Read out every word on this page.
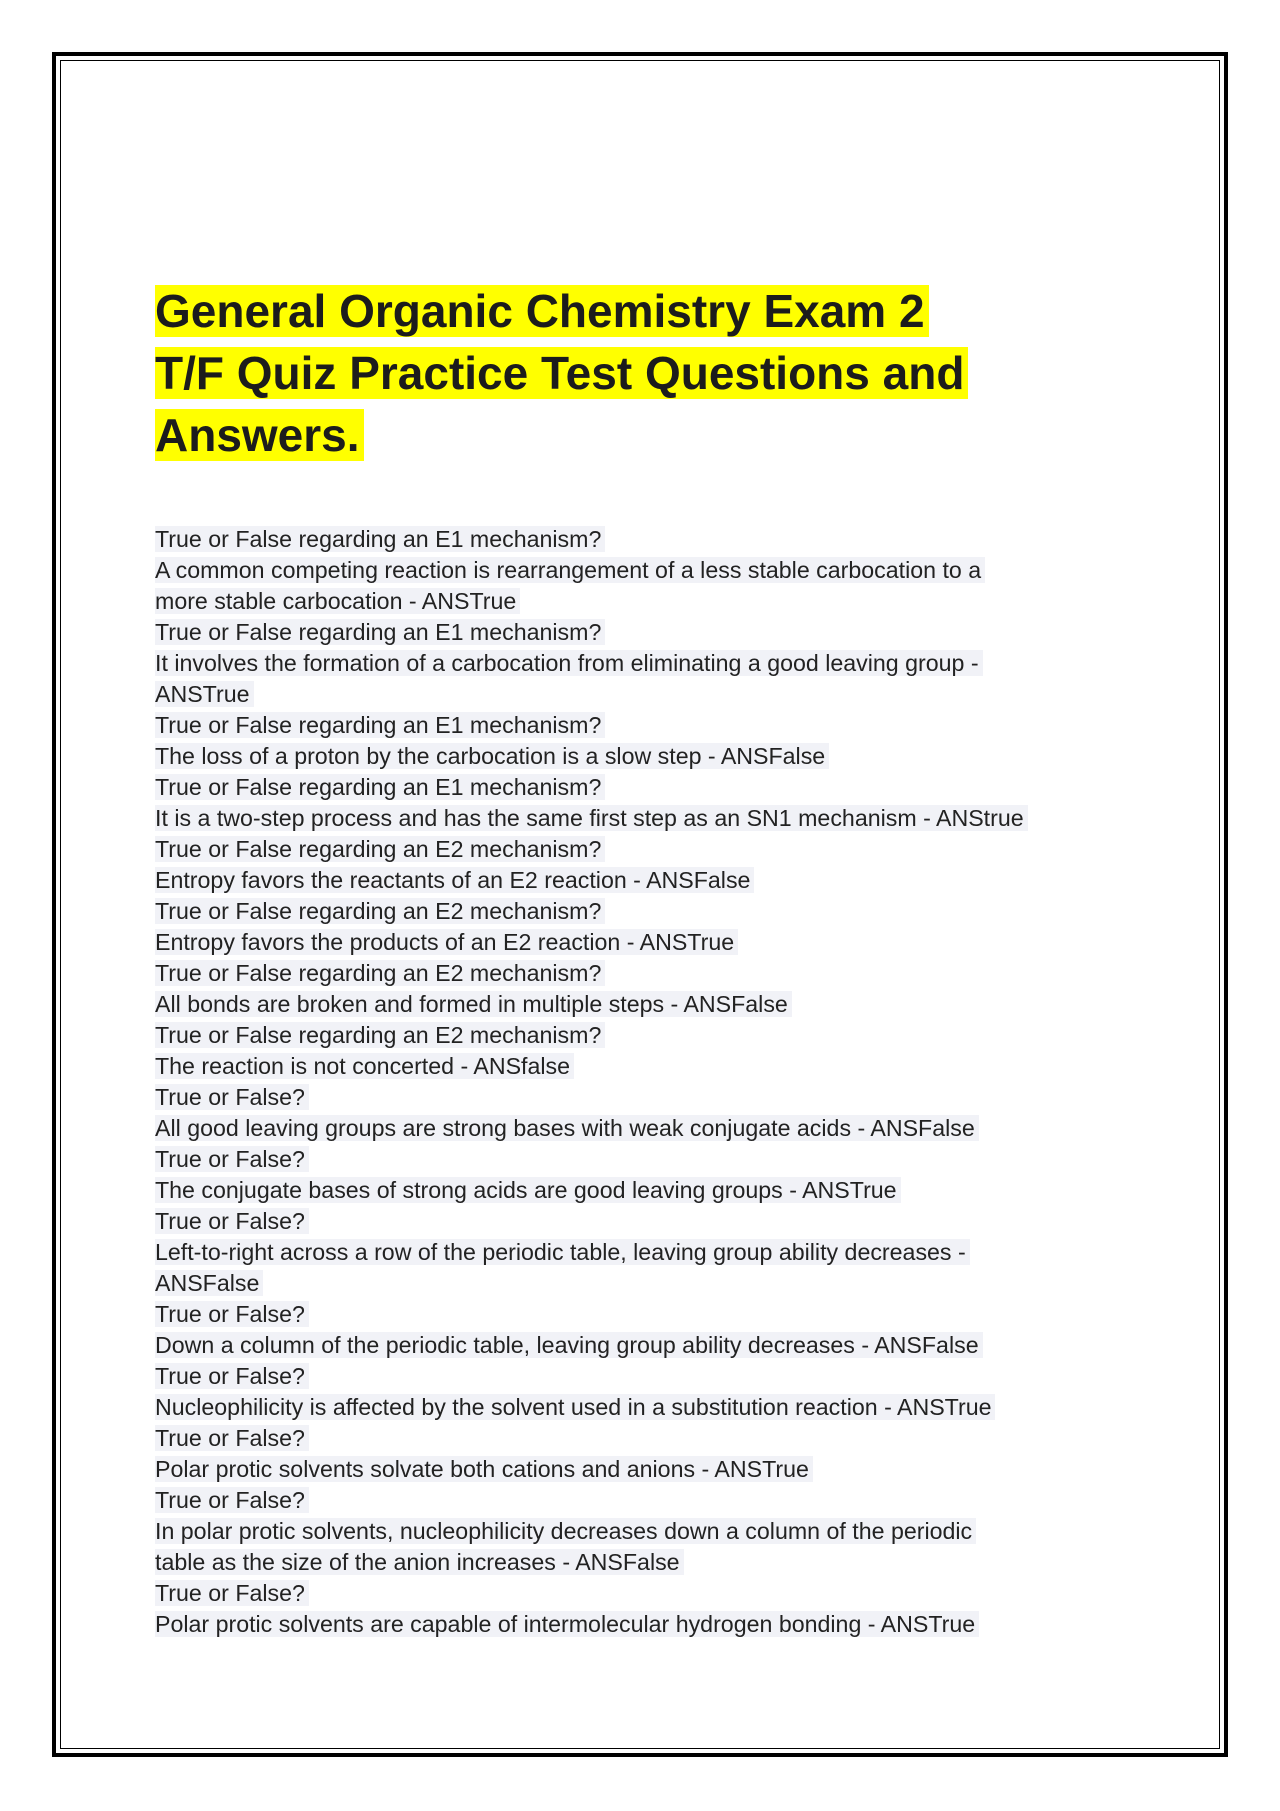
General Organic Chemistry Exam 2
T/F Quiz Practice Test Questions and
Answers.
True or False regarding an E1 mechanism?
A common competing reaction is rearrangement of a less stable carbocation to a
more stable carbocation - ANSTrue
True or False regarding an E1 mechanism?
It involves the formation of a carbocation from eliminating a good leaving group -
ANSTrue
True or False regarding an E1 mechanism?
The loss of a proton by the carbocation is a slow step - ANSFalse
True or False regarding an E1 mechanism?
It is a two-step process and has the same first step as an SN1 mechanism - ANStrue
True or False regarding an E2 mechanism?
Entropy favors the reactants of an E2 reaction - ANSFalse
True or False regarding an E2 mechanism?
Entropy favors the products of an E2 reaction - ANSTrue
True or False regarding an E2 mechanism?
All bonds are broken and formed in multiple steps - ANSFalse
True or False regarding an E2 mechanism?
The reaction is not concerted - ANSfalse
True or False?
All good leaving groups are strong bases with weak conjugate acids - ANSFalse
True or False?
The conjugate bases of strong acids are good leaving groups - ANSTrue
True or False?
Left-to-right across a row of the periodic table, leaving group ability decreases -
ANSFalse
True or False?
Down a column of the periodic table, leaving group ability decreases - ANSFalse
True or False?
Nucleophilicity is affected by the solvent used in a substitution reaction - ANSTrue
True or False?
Polar protic solvents solvate both cations and anions - ANSTrue
True or False?
In polar protic solvents, nucleophilicity decreases down a column of the periodic
table as the size of the anion increases - ANSFalse
True or False?
Polar protic solvents are capable of intermolecular hydrogen bonding - ANSTrue
